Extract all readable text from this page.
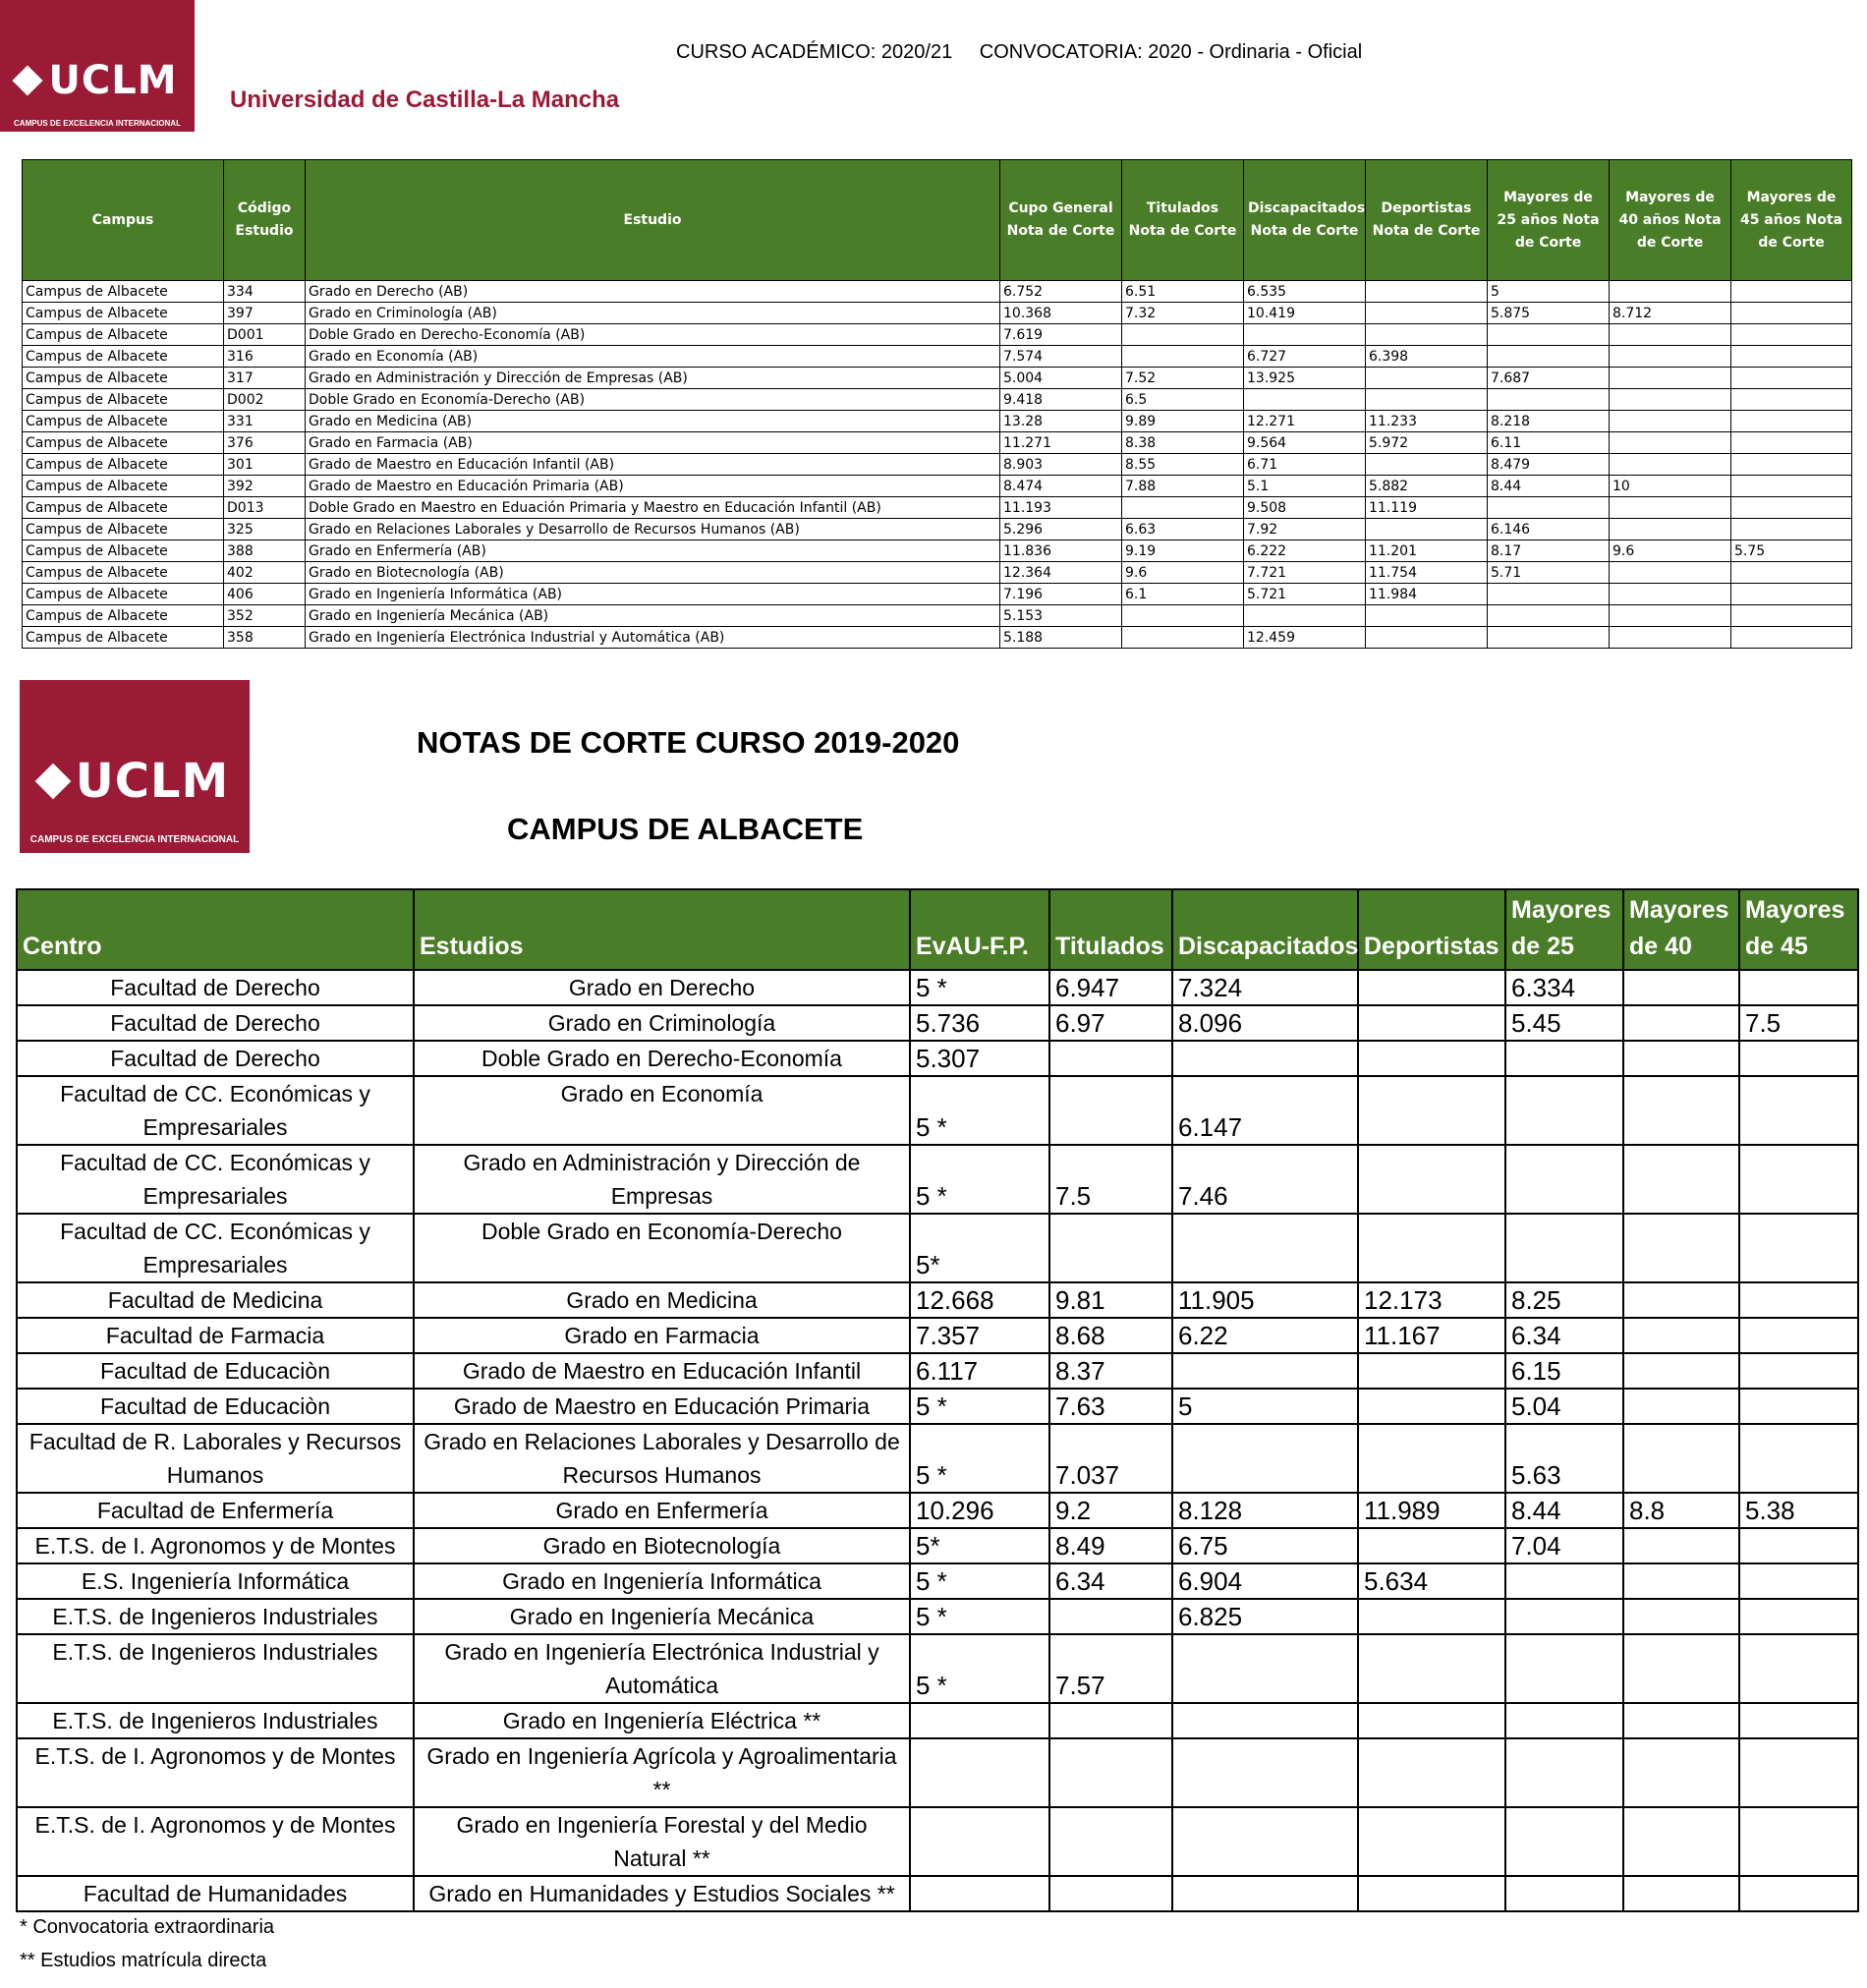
UCLM
CAMPUS DE EXCELENCIA INTERNACIONAL
Universidad de Castilla-La Mancha
CURSO ACADÉMICO: 2020/21 CONVOCATORIA: 2020 - Ordinaria - Oficial
Campus	Código Estudio	Estudio	Cupo General Nota de Corte	Titulados Nota de Corte	Discapacitados Nota de Corte	Deportistas Nota de Corte	Mayores de 25 años Nota de Corte	Mayores de 40 años Nota de Corte	Mayores de 45 años Nota de Corte
Campus de Albacete	334	Grado en Derecho (AB)	6.752	6.51	6.535		5		
Campus de Albacete	397	Grado en Criminología (AB)	10.368	7.32	10.419		5.875	8.712	
Campus de Albacete	D001	Doble Grado en Derecho-Economía (AB)	7.619						
Campus de Albacete	316	Grado en Economía (AB)	7.574		6.727	6.398			
Campus de Albacete	317	Grado en Administración y Dirección de Empresas (AB)	5.004	7.52	13.925		7.687		
Campus de Albacete	D002	Doble Grado en Economía-Derecho (AB)	9.418	6.5					
Campus de Albacete	331	Grado en Medicina (AB)	13.28	9.89	12.271	11.233	8.218		
Campus de Albacete	376	Grado en Farmacia (AB)	11.271	8.38	9.564	5.972	6.11		
Campus de Albacete	301	Grado de Maestro en Educación Infantil (AB)	8.903	8.55	6.71		8.479		
Campus de Albacete	392	Grado de Maestro en Educación Primaria (AB)	8.474	7.88	5.1	5.882	8.44	10	
Campus de Albacete	D013	Doble Grado en Maestro en Eduación Primaria y Maestro en Educación Infantil (AB)	11.193		9.508	11.119			
Campus de Albacete	325	Grado en Relaciones Laborales y Desarrollo de Recursos Humanos (AB)	5.296	6.63	7.92		6.146		
Campus de Albacete	388	Grado en Enfermería (AB)	11.836	9.19	6.222	11.201	8.17	9.6	5.75
Campus de Albacete	402	Grado en Biotecnología (AB)	12.364	9.6	7.721	11.754	5.71		
Campus de Albacete	406	Grado en Ingeniería Informática (AB)	7.196	6.1	5.721	11.984			
Campus de Albacete	352	Grado en Ingeniería Mecánica (AB)	5.153						
Campus de Albacete	358	Grado en Ingeniería Electrónica Industrial y Automática (AB)	5.188		12.459				
UCLM
CAMPUS DE EXCELENCIA INTERNACIONAL
NOTAS DE CORTE CURSO 2019-2020
CAMPUS DE ALBACETE
Centro	Estudios	EvAU-F.P.	Titulados	Discapacitados	Deportistas	Mayores de 25	Mayores de 40	Mayores de 45
Facultad de Derecho	Grado en Derecho	5 *	6.947	7.324		6.334		
Facultad de Derecho	Grado en Criminología	5.736	6.97	8.096		5.45		7.5
Facultad de Derecho	Doble Grado en Derecho-Economía	5.307						
Facultad de CC. Económicas y Empresariales	Grado en Economía	5 *		6.147				
Facultad de CC. Económicas y Empresariales	Grado en Administración y Dirección de Empresas	5 *	7.5	7.46				
Facultad de CC. Económicas y Empresariales	Doble Grado en Economía-Derecho	5*						
Facultad de Medicina	Grado en Medicina	12.668	9.81	11.905	12.173	8.25		
Facultad de Farmacia	Grado en Farmacia	7.357	8.68	6.22	11.167	6.34		
Facultad de Educaciòn	Grado de Maestro en Educación Infantil	6.117	8.37			6.15		
Facultad de Educaciòn	Grado de Maestro en Educación Primaria	5 *	7.63	5		5.04		
Facultad de R. Laborales y Recursos Humanos	Grado en Relaciones Laborales y Desarrollo de Recursos Humanos	5 *	7.037			5.63		
Facultad de Enfermería	Grado en Enfermería	10.296	9.2	8.128	11.989	8.44	8.8	5.38
E.T.S. de I. Agronomos y de Montes	Grado en Biotecnología	5*	8.49	6.75		7.04		
E.S. Ingeniería Informática	Grado en Ingeniería Informática	5 *	6.34	6.904	5.634			
E.T.S. de Ingenieros Industriales	Grado en Ingeniería Mecánica	5 *		6.825				
E.T.S. de Ingenieros Industriales	Grado en Ingeniería Electrónica Industrial y Automática	5 *	7.57					
E.T.S. de Ingenieros Industriales	Grado en Ingeniería Eléctrica **							
E.T.S. de I. Agronomos y de Montes	Grado en Ingeniería Agrícola y Agroalimentaria **							
E.T.S. de I. Agronomos y de Montes	Grado en Ingeniería Forestal y del Medio Natural **							
Facultad de Humanidades	Grado en Humanidades y Estudios Sociales **							
* Convocatoria extraordinaria
** Estudios matrícula directa
